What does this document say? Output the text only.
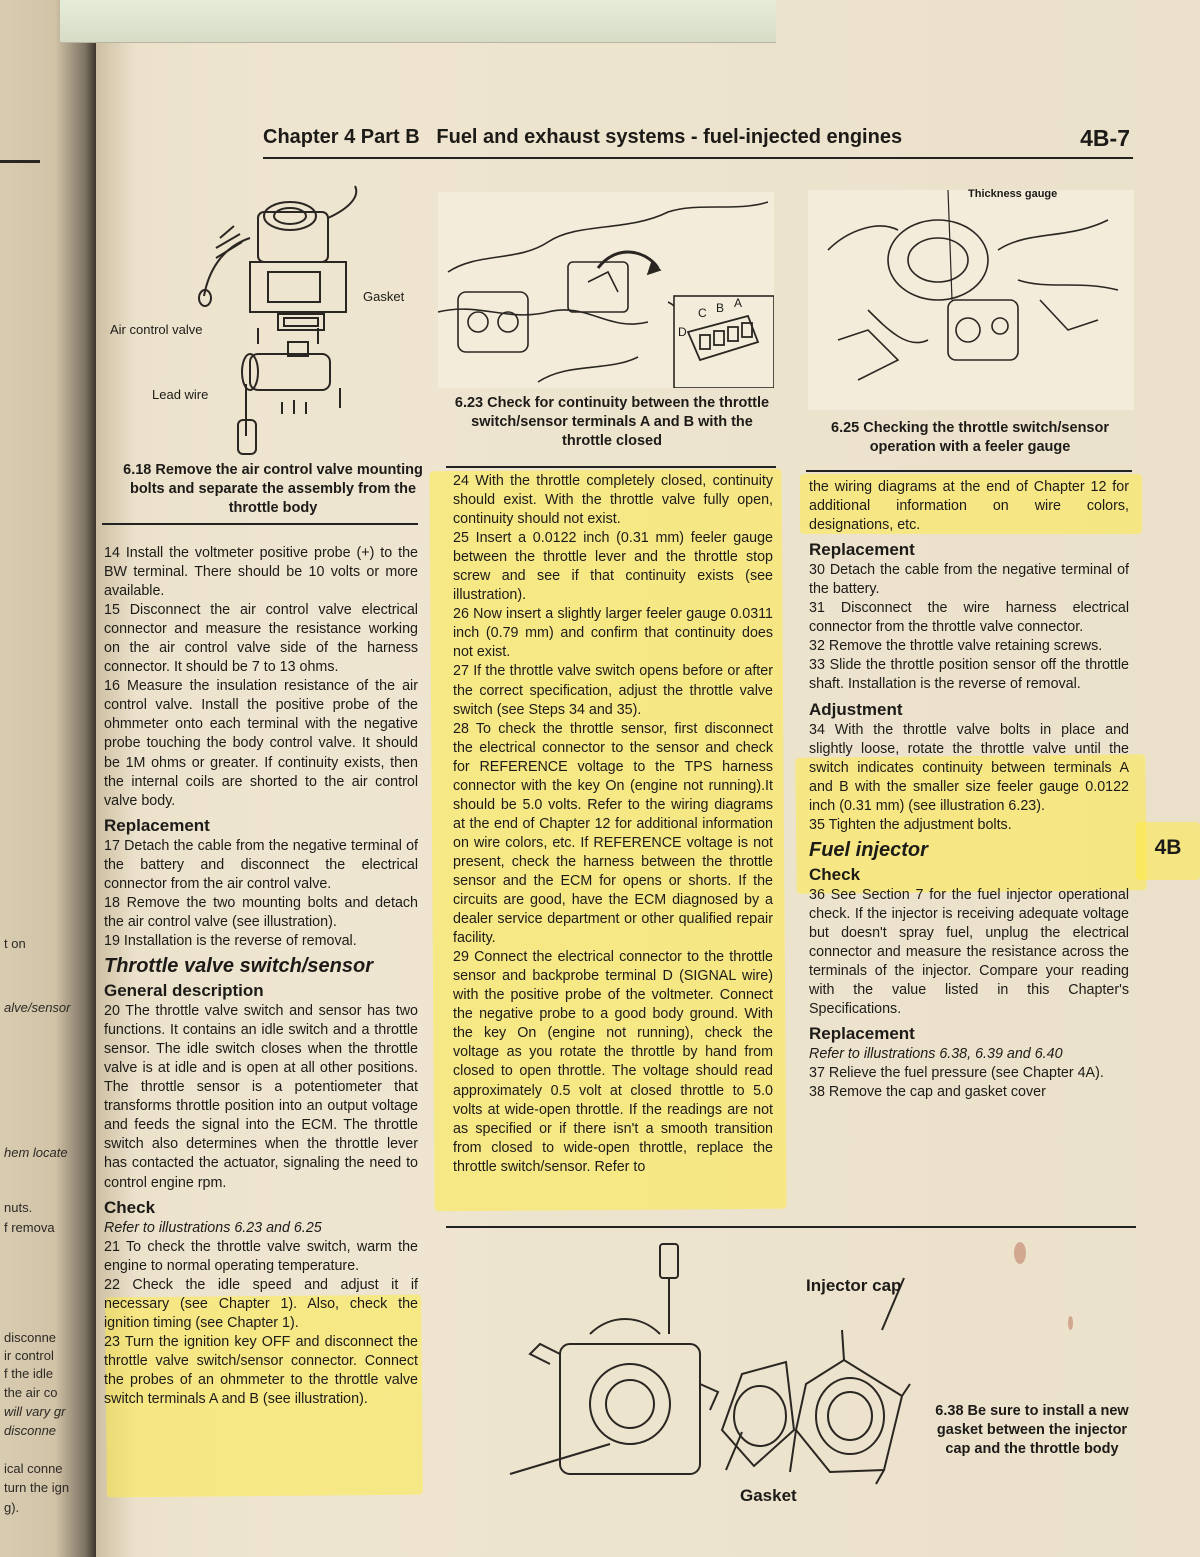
t on
alve/sensor
hem locate
nuts.
f remova
disconne
ir control
f the idle
the air co
will vary gr
disconne
ical conne
turn the ign
g).
Chapter 4 Part B   Fuel and exhaust systems - fuel-injected engines	4B-7
Gasket
Air control valve
Lead wire
6.18 Remove the air control valve mounting bolts and separate the assembly from the throttle body
A
B
C
D
6.23 Check for continuity between the throttle switch/sensor terminals A and B with the throttle closed
Thickness gauge
6.25 Checking the throttle switch/sensor operation with a feeler gauge

14 Install the voltmeter positive probe (+) to the BW terminal. There should be 10 volts or more available.

15 Disconnect the air control valve electrical connector and measure the resistance working on the air control valve side of the harness connector. It should be 7 to 13 ohms.

16 Measure the insulation resistance of the air control valve. Install the positive probe of the ohmmeter onto each terminal with the negative probe touching the body control valve. It should be 1M ohms or greater. If continuity exists, then the internal coils are shorted to the air control valve body.

Replacement

17 Detach the cable from the negative terminal of the battery and disconnect the electrical connector from the air control valve.

18 Remove the two mounting bolts and detach the air control valve (see illustration).

19 Installation is the reverse of removal.

Throttle valve switch/sensor
General description

20 The throttle valve switch and sensor has two functions. It contains an idle switch and a throttle sensor. The idle switch closes when the throttle valve is at idle and is open at all other positions. The throttle sensor is a potentiometer that transforms throttle position into an output voltage and feeds the signal into the ECM. The throttle switch also determines when the throttle lever has contacted the actuator, signaling the need to control engine rpm.

Check

Refer to illustrations 6.23 and 6.25

21 To check the throttle valve switch, warm the engine to normal operating temperature.

22 Check the idle speed and adjust it if necessary (see Chapter 1). Also, check the ignition timing (see Chapter 1).

23 Turn the ignition key OFF and disconnect the throttle valve switch/sensor connector. Connect the probes of an ohmmeter to the throttle valve switch terminals A and B (see illustration).

24 With the throttle completely closed, continuity should exist. With the throttle valve fully open, continuity should not exist.

25 Insert a 0.0122 inch (0.31 mm) feeler gauge between the throttle lever and the throttle stop screw and see if that continuity exists (see illustration).

26 Now insert a slightly larger feeler gauge 0.0311 inch (0.79 mm) and confirm that continuity does not exist.

27 If the throttle valve switch opens before or after the correct specification, adjust the throttle valve switch (see Steps 34 and 35).

28 To check the throttle sensor, first disconnect the electrical connector to the sensor and check for REFERENCE voltage to the TPS harness connector with the key On (engine not running).It should be 5.0 volts. Refer to the wiring diagrams at the end of Chapter 12 for additional information on wire colors, etc. If REFERENCE voltage is not present, check the harness between the throttle sensor and the ECM for opens or shorts. If the circuits are good, have the ECM diagnosed by a dealer service department or other qualified repair facility.

29 Connect the electrical connector to the throttle sensor and backprobe terminal D (SIGNAL wire) with the positive probe of the voltmeter. Connect the negative probe to a good body ground. With the key On (engine not running), check the voltage as you rotate the throttle by hand from closed to open throttle. The voltage should read approximately 0.5 volt at closed throttle to 5.0 volts at wide-open throttle. If the readings are not as specified or if there isn't a smooth transition from closed to wide-open throttle, replace the throttle switch/sensor. Refer to

the wiring diagrams at the end of Chapter 12 for additional information on wire colors, designations, etc.

Replacement

30 Detach the cable from the negative terminal of the battery.

31 Disconnect the wire harness electrical connector from the throttle valve connector.

32 Remove the throttle valve retaining screws.

33 Slide the throttle position sensor off the throttle shaft. Installation is the reverse of removal.

Adjustment

34 With the throttle valve bolts in place and slightly loose, rotate the throttle valve until the switch indicates continuity between terminals A and B with the smaller size feeler gauge 0.0122 inch (0.31 mm) (see illustration 6.23).

35 Tighten the adjustment bolts.

Fuel injector
Check

36 See Section 7 for the fuel injector operational check. If the injector is receiving adequate voltage but doesn't spray fuel, unplug the electrical connector and measure the resistance across the terminals of the injector. Compare your reading with the value listed in this Chapter's Specifications.

Replacement

Refer to illustrations 6.38, 6.39 and 6.40

37 Relieve the fuel pressure (see Chapter 4A).

38 Remove the cap and gasket cover

Injector cap
Gasket
6.38 Be sure to install a new gasket between the injector cap and the throttle body
4B
